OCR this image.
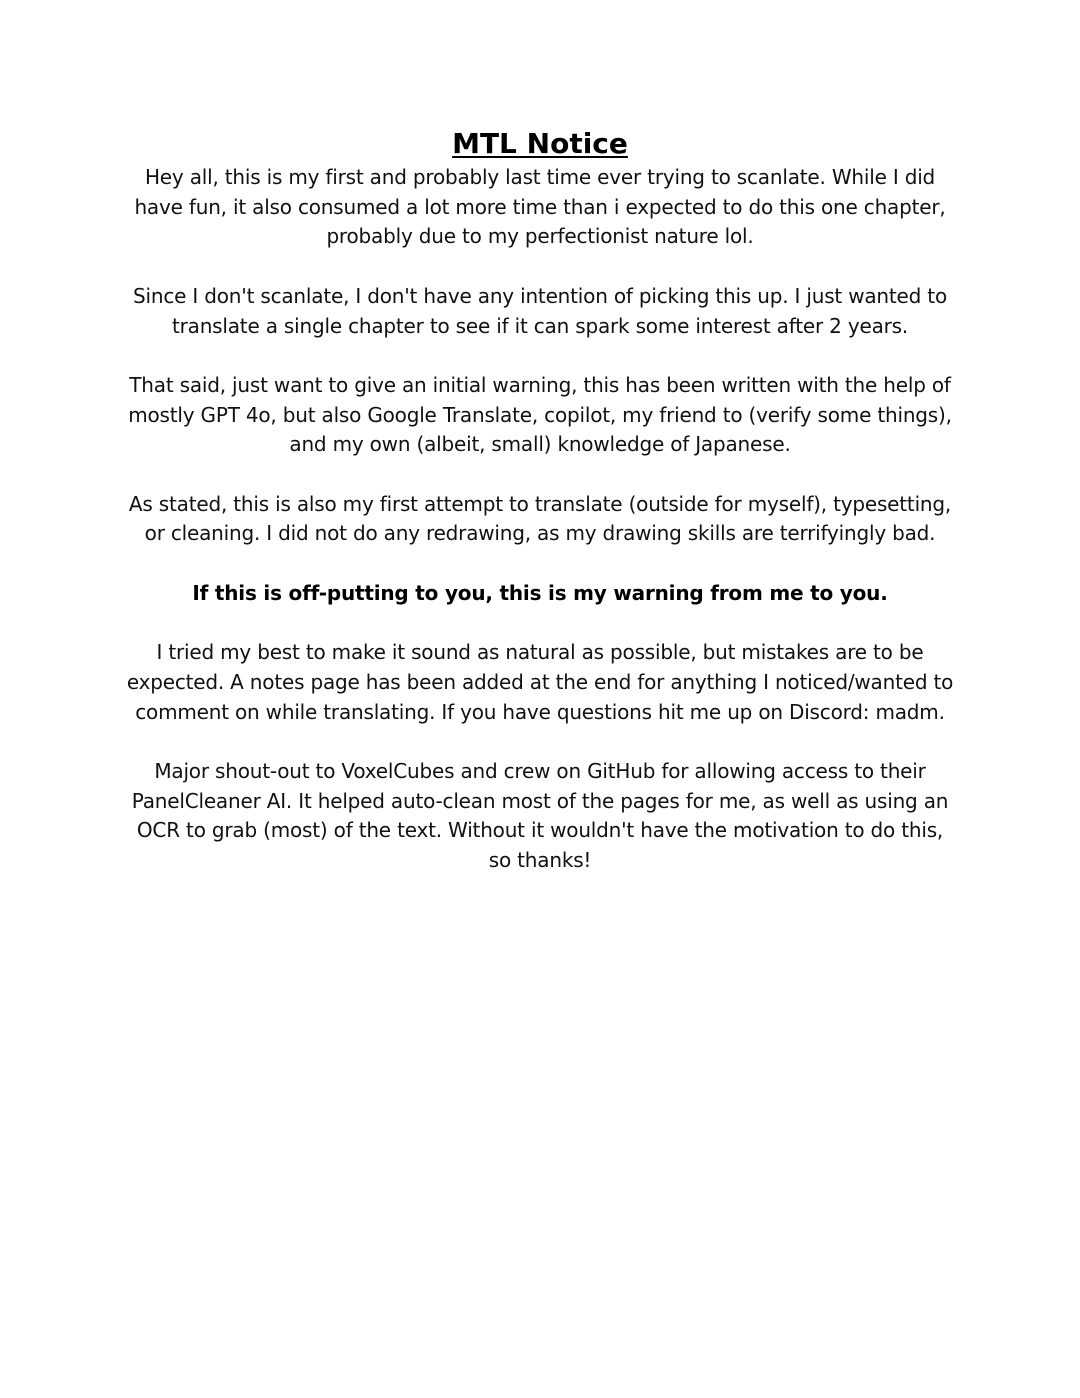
MTL Notice

Hey all, this is my first and probably last time ever trying to scanlate. While I did have fun, it also consumed a lot more time than i expected to do this one chapter, probably due to my perfectionist nature lol.

Since I don't scanlate, I don't have any intention of picking this up. I just wanted to translate a single chapter to see if it can spark some interest after 2 years.

That said, just want to give an initial warning, this has been written with the help of mostly GPT 4o, but also Google Translate, copilot, my friend to (verify some things), and my own (albeit, small) knowledge of Japanese.

As stated, this is also my first attempt to translate (outside for myself), typesetting, or cleaning. I did not do any redrawing, as my drawing skills are terrifyingly bad.

If this is off-putting to you, this is my warning from me to you.

I tried my best to make it sound as natural as possible, but mistakes are to be expected. A notes page has been added at the end for anything I noticed/wanted to comment on while translating. If you have questions hit me up on Discord: madm.

Major shout-out to VoxelCubes and crew on GitHub for allowing access to their PanelCleaner AI. It helped auto-clean most of the pages for me, as well as using an OCR to grab (most) of the text. Without it wouldn't have the motivation to do this, so thanks!
